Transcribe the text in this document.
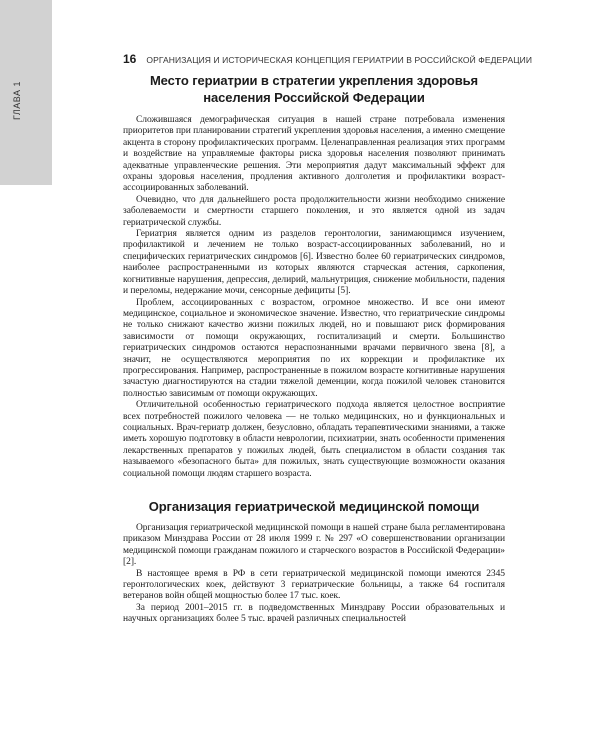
ГЛАВА 1
16 ОРГАНИЗАЦИЯ И ИСТОРИЧЕСКАЯ КОНЦЕПЦИЯ ГЕРИАТРИИ В РОССИЙСКОЙ ФЕДЕРАЦИИ
Место гериатрии в стратегии укрепления здоровья населения Российской Федерации

Сложившаяся демографическая ситуация в нашей стране потребовала изменения приоритетов при планировании стратегий укрепления здоровья населения, а именно смещение акцента в сторону профилактических программ. Целенаправленная реализация этих программ и воздействие на управляемые факторы риска здоровья населения позволяют принимать адекватные управленческие решения. Эти мероприятия дадут максимальный эффект для охраны здоровья населения, продления активного долголетия и профилактики возраст-ассоциированных заболеваний.

Очевидно, что для дальнейшего роста продолжительности жизни необходимо снижение заболеваемости и смертности старшего поколения, и это является одной из задач гериатрической службы.

Гериатрия является одним из разделов геронтологии, занимающимся изучением, профилактикой и лечением не только возраст-ассоциированных заболеваний, но и специфических гериатрических синдромов [6]. Известно более 60 гериатрических синдромов, наиболее распространенными из которых являются старческая астения, саркопения, когнитивные нарушения, депрессия, делирий, мальнутриция, снижение мобильности, падения и переломы, недержание мочи, сенсорные дефициты [5].

Проблем, ассоциированных с возрастом, огромное множество. И все они имеют медицинское, социальное и экономическое значение. Известно, что гериатрические синдромы не только снижают качество жизни пожилых людей, но и повышают риск формирования зависимости от помощи окружающих, госпитализаций и смерти. Большинство гериатрических синдромов остаются нераспознанными врачами первичного звена [8], а значит, не осуществляются мероприятия по их коррекции и профилактике их прогрессирования. Например, распространенные в пожилом возрасте когнитивные нарушения зачастую диагностируются на стадии тяжелой деменции, когда пожилой человек становится полностью зависимым от помощи окружающих.

Отличительной особенностью гериатрического подхода является целостное восприятие всех потребностей пожилого человека — не только медицинских, но и функциональных и социальных. Врач-гериатр должен, безусловно, обладать терапевтическими знаниями, а также иметь хорошую подготовку в области неврологии, психиатрии, знать особенности применения лекарственных препаратов у пожилых людей, быть специалистом в области создания так называемого «безопасного быта» для пожилых, знать существующие возможности оказания социальной помощи людям старшего возраста.

Организация гериатрической медицинской помощи

Организация гериатрической медицинской помощи в нашей стране была регламентирована приказом Минздрава России от 28 июля 1999 г. № 297 «О совершенствовании организации медицинской помощи гражданам пожилого и старческого возрастов в Российской Федерации» [2].

В настоящее время в РФ в сети гериатрической медицинской помощи имеются 2345 геронтологических коек, действуют 3 гериатрические больницы, а также 64 госпиталя ветеранов войн общей мощностью более 17 тыс. коек.

За период 2001–2015 гг. в подведомственных Минздраву России образовательных и научных организациях более 5 тыс. врачей различных специальностей
